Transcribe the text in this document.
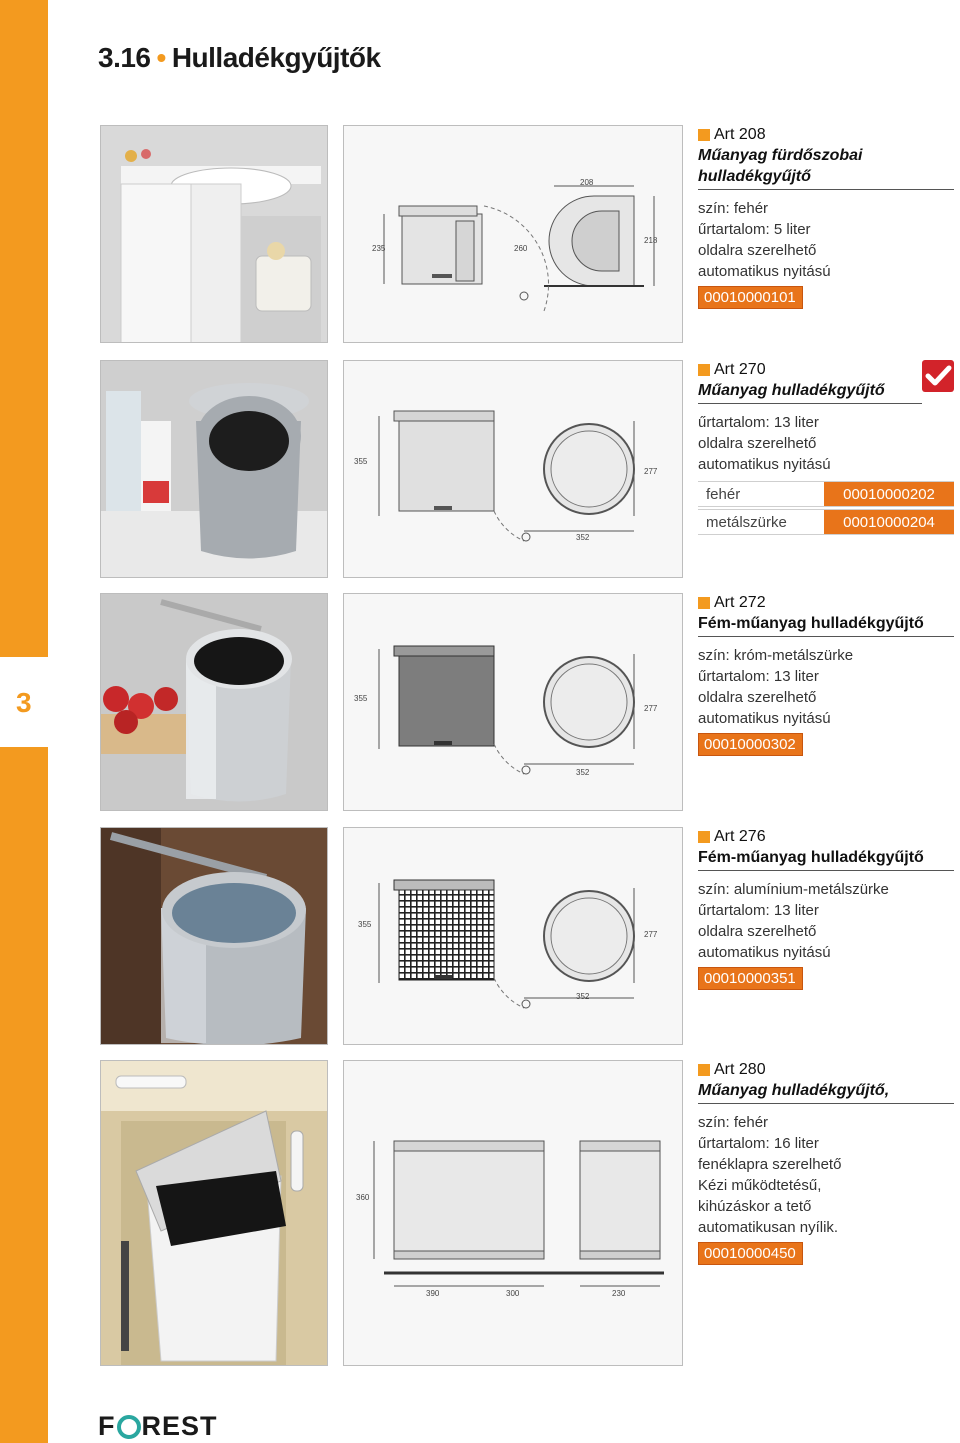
3
3.16 • Hulladékgyűjtők
208
235	260
218
Art 208
Műanyag fürdőszobai hulladékgyűjtő
szín: fehér
űrtartalom: 5 liter
oldalra szerelhető
automatikus nyitású
00010000101
355
277
352
Art 270
Műanyag hulladékgyűjtő
űrtartalom: 13 liter
oldalra szerelhető
automatikus nyitású
fehér	00010000202
metálszürke	00010000204
355
277
352
Art 272
Fém-műanyag hulladékgyűjtő
szín: króm-metálszürke
űrtartalom: 13 liter
oldalra szerelhető
automatikus nyitású
00010000302
355
277
352
Art 276
Fém-műanyag hulladékgyűjtő
szín: alumínium-metálszürke
űrtartalom: 13 liter
oldalra szerelhető
automatikus nyitású
00010000351
360
390	300	230
Art 280
Műanyag hulladékgyűjtő,
szín: fehér
űrtartalom: 16 liter
fenéklapra szerelhető
Kézi működtetésű,
kihúzáskor a tető
automatikusan nyílik.
00010000450
F REST
